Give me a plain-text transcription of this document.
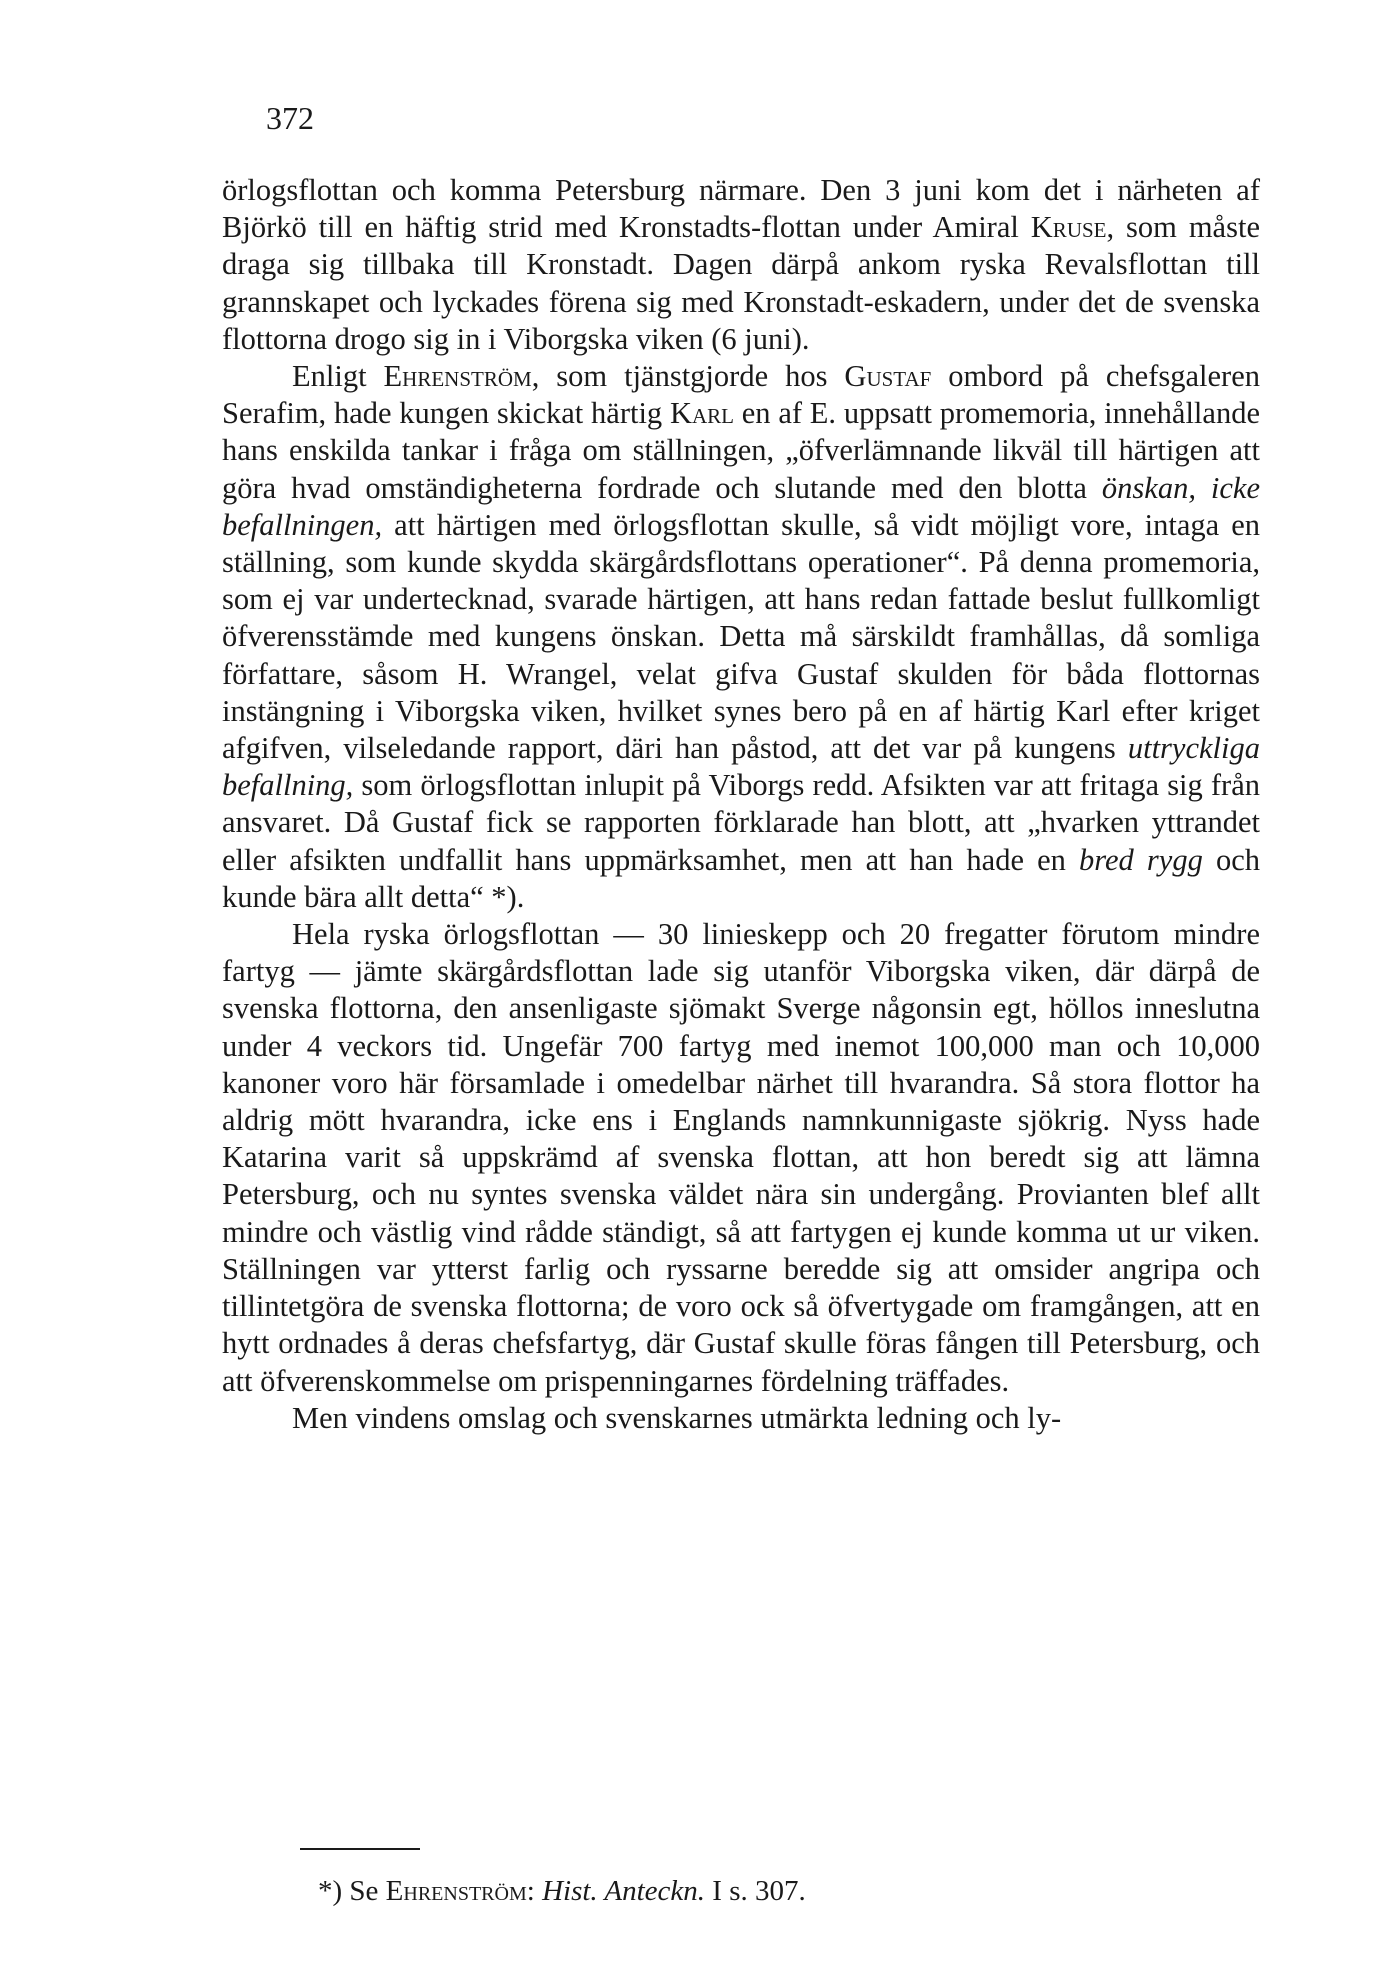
372

örlogsflottan och komma Petersburg närmare. Den 3 juni kom det i närheten af Björkö till en häftig strid med Kronstadts-flottan under Amiral Kruse, som måste draga sig tillbaka till Kronstadt. Dagen därpå ankom ryska Revalsflottan till grannskapet och lyckades förena sig med Kronstadt-eskadern, under det de svenska flottorna drogo sig in i Viborgska viken (6 juni).

Enligt Ehrenström, som tjänstgjorde hos Gustaf ombord på chefsgaleren Serafim, hade kungen skickat härtig Karl en af E. uppsatt promemoria, innehållande hans enskilda tankar i fråga om ställningen, „öfverlämnande likväl till härtigen att göra hvad omständigheterna fordrade och slutande med den blotta önskan, icke befallningen, att härtigen med örlogsflottan skulle, så vidt möjligt vore, intaga en ställning, som kunde skydda skärgårdsflottans operationer“. På denna promemoria, som ej var undertecknad, svarade härtigen, att hans redan fattade beslut fullkomligt öfverensstämde med kungens önskan. Detta må särskildt framhållas, då somliga författare, såsom H. Wrangel, velat gifva Gustaf skulden för båda flottornas instängning i Viborgska viken, hvilket synes bero på en af härtig Karl efter kriget afgifven, vilseledande rapport, däri han påstod, att det var på kungens uttryckliga befallning, som örlogsflottan inlupit på Viborgs redd. Afsikten var att fritaga sig från ansvaret. Då Gustaf fick se rapporten förklarade han blott, att „hvarken yttrandet eller afsikten undfallit hans uppmärksamhet, men att han hade en bred rygg och kunde bära allt detta“ *).

Hela ryska örlogsflottan — 30 linieskepp och 20 fregatter förutom mindre fartyg — jämte skärgårdsflottan lade sig utanför Viborgska viken, där därpå de svenska flottorna, den ansenligaste sjömakt Sverge någonsin egt, höllos inneslutna under 4 veckors tid. Ungefär 700 fartyg med inemot 100,000 man och 10,000 kanoner voro här församlade i omedelbar närhet till hvarandra. Så stora flottor ha aldrig mött hvarandra, icke ens i Englands namnkunnigaste sjökrig. Nyss hade Katarina varit så uppskrämd af svenska flottan, att hon beredt sig att lämna Petersburg, och nu syntes svenska väldet nära sin undergång. Provianten blef allt mindre och västlig vind rådde ständigt, så att fartygen ej kunde komma ut ur viken. Ställningen var ytterst farlig och ryssarne beredde sig att omsider angripa och tillintetgöra de svenska flottorna; de voro ock så öfvertygade om framgången, att en hytt ordnades å deras chefsfartyg, där Gustaf skulle föras fången till Petersburg, och att öfverenskommelse om prispenningarnes fördelning träffades.

Men vindens omslag och svenskarnes utmärkta ledning och ly-

*) Se Ehrenström: Hist. Anteckn. I s. 307.
